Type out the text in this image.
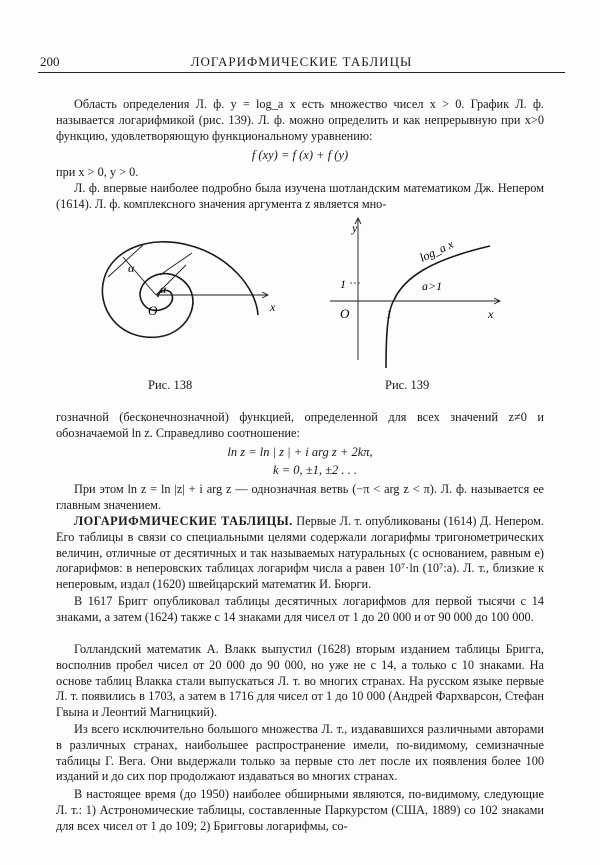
200	ЛОГАРИФМИЧЕСКИЕ ТАБЛИЦЫ

Область определения Л. ф. y = log_a x есть множество чисел x > 0. График Л. ф. называется логарифмикой (рис. 139). Л. ф. можно определить и как непрерывную при x>0 функцию, удовлетворяющую функциональному уравнению:

f (xy) = f (x) + f (y)

при x > 0, y > 0.

Л. ф. впервые наиболее подробно была изучена шотландским математиком Дж. Непером (1614). Л. ф. комплексного значения аргумента z является мно-

α
α
O	x
Рис. 138
y
x
O	1
1
log_a x
a>1
Рис. 139

гозначной (бесконечнозначной) функцией, определенной для всех значений z≠0 и обозначаемой ln z. Справедливо соотношение:

ln z = ln | z | + i arg z + 2kπ,
k = 0, ±1, ±2 . . .

При этом ln z = ln |z| + i arg z — однозначная ветвь (−π < arg z < π). Л. ф. называется ее главным значением.

ЛОГАРИФМИЧЕСКИЕ ТАБЛИЦЫ. Первые Л. т. опубликованы (1614) Д. Непером. Его таблицы в связи со специальными целями содержали логарифмы тригонометрических величин, отличные от десятичных и так называемых натуральных (с основанием, равным e) логарифмов: в неперовских таблицах логарифм числа a равен 10⁷·ln (10⁷:a). Л. т., близкие к неперовым, издал (1620) швейцарский математик И. Бюрги.

В 1617 Бригг опубликовал таблицы десятичных логарифмов для первой тысячи с 14 знаками, а затем (1624) также с 14 знаками для чисел от 1 до 20 000 и от 90 000 до 100 000.

Голландский математик А. Влакк выпустил (1628) вторым изданием таблицы Бригга, восполнив пробел чисел от 20 000 до 90 000, но уже не с 14, а только с 10 знаками. На основе таблиц Влакка стали выпускаться Л. т. во многих странах. На русском языке первые Л. т. появились в 1703, а затем в 1716 для чисел от 1 до 10 000 (Андрей Фархварсон, Стефан Гвына и Леонтий Магницкий).

Из всего исключительно большого множества Л. т., издававшихся различными авторами в различных странах, наибольшее распространение имели, по-видимому, семизначные таблицы Г. Вега. Они выдержали только за первые сто лет после их появления более 100 изданий и до сих пор продолжают издаваться во многих странах.

В настоящее время (до 1950) наиболее обширными являются, по-видимому, следующие Л. т.: 1) Астрономические таблицы, составленные Паркурстом (США, 1889) со 102 знаками для всех чисел от 1 до 109; 2) Бригговы логарифмы, со-
